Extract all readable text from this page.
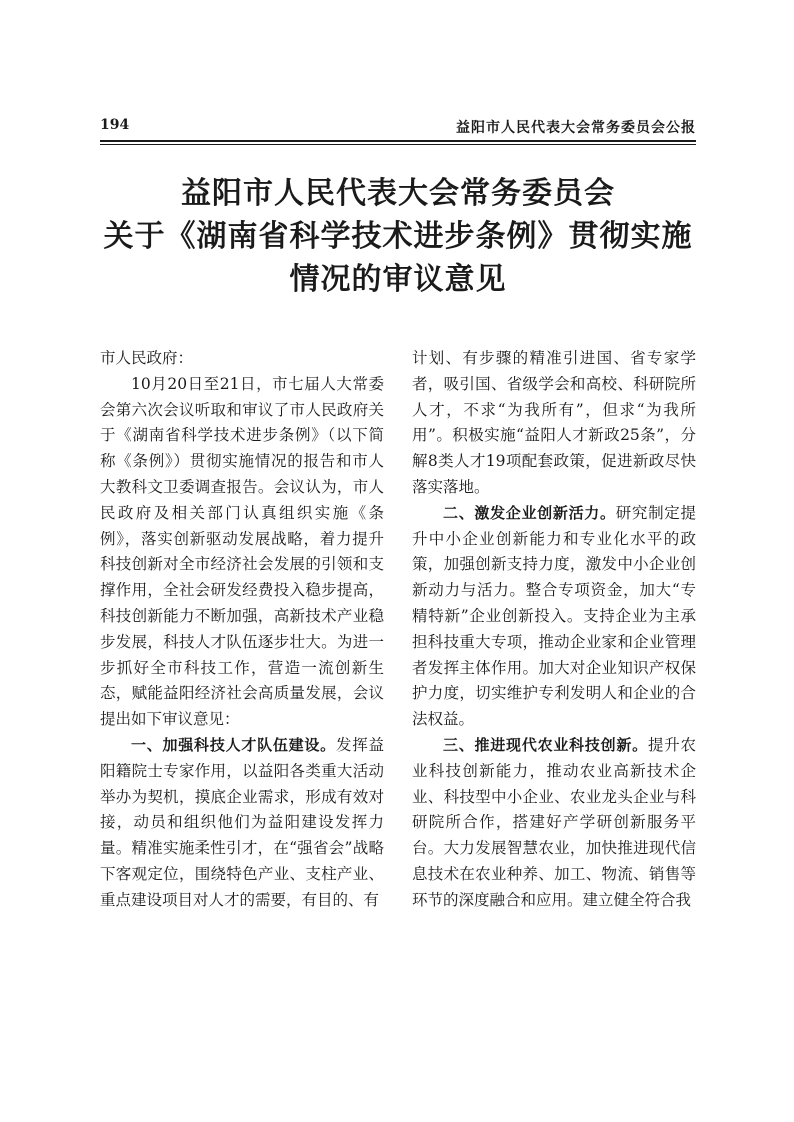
194	益阳市人民代表大会常务委员会公报
益阳市人民代表大会常务委员会
关于《湖南省科学技术进步条例》贯彻实施
情况的审议意见

市人民政府：

10月20日至21日，市七届人大常委会第六次会议听取和审议了市人民政府关于《湖南省科学技术进步条例》（以下简称《条例》）贯彻实施情况的报告和市人大教科文卫委调查报告。会议认为，市人民政府及相关部门认真组织实施《条例》，落实创新驱动发展战略，着力提升科技创新对全市经济社会发展的引领和支撑作用，全社会研发经费投入稳步提高，科技创新能力不断加强，高新技术产业稳步发展，科技人才队伍逐步壮大。为进一步抓好全市科技工作，营造一流创新生态，赋能益阳经济社会高质量发展，会议提出如下审议意见：

一、加强科技人才队伍建设。发挥益阳籍院士专家作用，以益阳各类重大活动举办为契机，摸底企业需求，形成有效对接，动员和组织他们为益阳建设发挥力量。精准实施柔性引才，在“强省会”战略下客观定位，围绕特色产业、支柱产业、重点建设项目对人才的需要，有目的、有

计划、有步骤的精准引进国、省专家学者，吸引国、省级学会和高校、科研院所人才，不求“为我所有”，但求“为我所用”。积极实施“益阳人才新政25条”，分解8类人才19项配套政策，促进新政尽快落实落地。

二、激发企业创新活力。研究制定提升中小企业创新能力和专业化水平的政策，加强创新支持力度，激发中小企业创新动力与活力。整合专项资金，加大“专精特新”企业创新投入。支持企业为主承担科技重大专项，推动企业家和企业管理者发挥主体作用。加大对企业知识产权保护力度，切实维护专利发明人和企业的合法权益。

三、推进现代农业科技创新。提升农业科技创新能力，推动农业高新技术企业、科技型中小企业、农业龙头企业与科研院所合作，搭建好产学研创新服务平台。大力发展智慧农业，加快推进现代信息技术在农业种养、加工、物流、销售等环节的深度融合和应用。建立健全符合我
